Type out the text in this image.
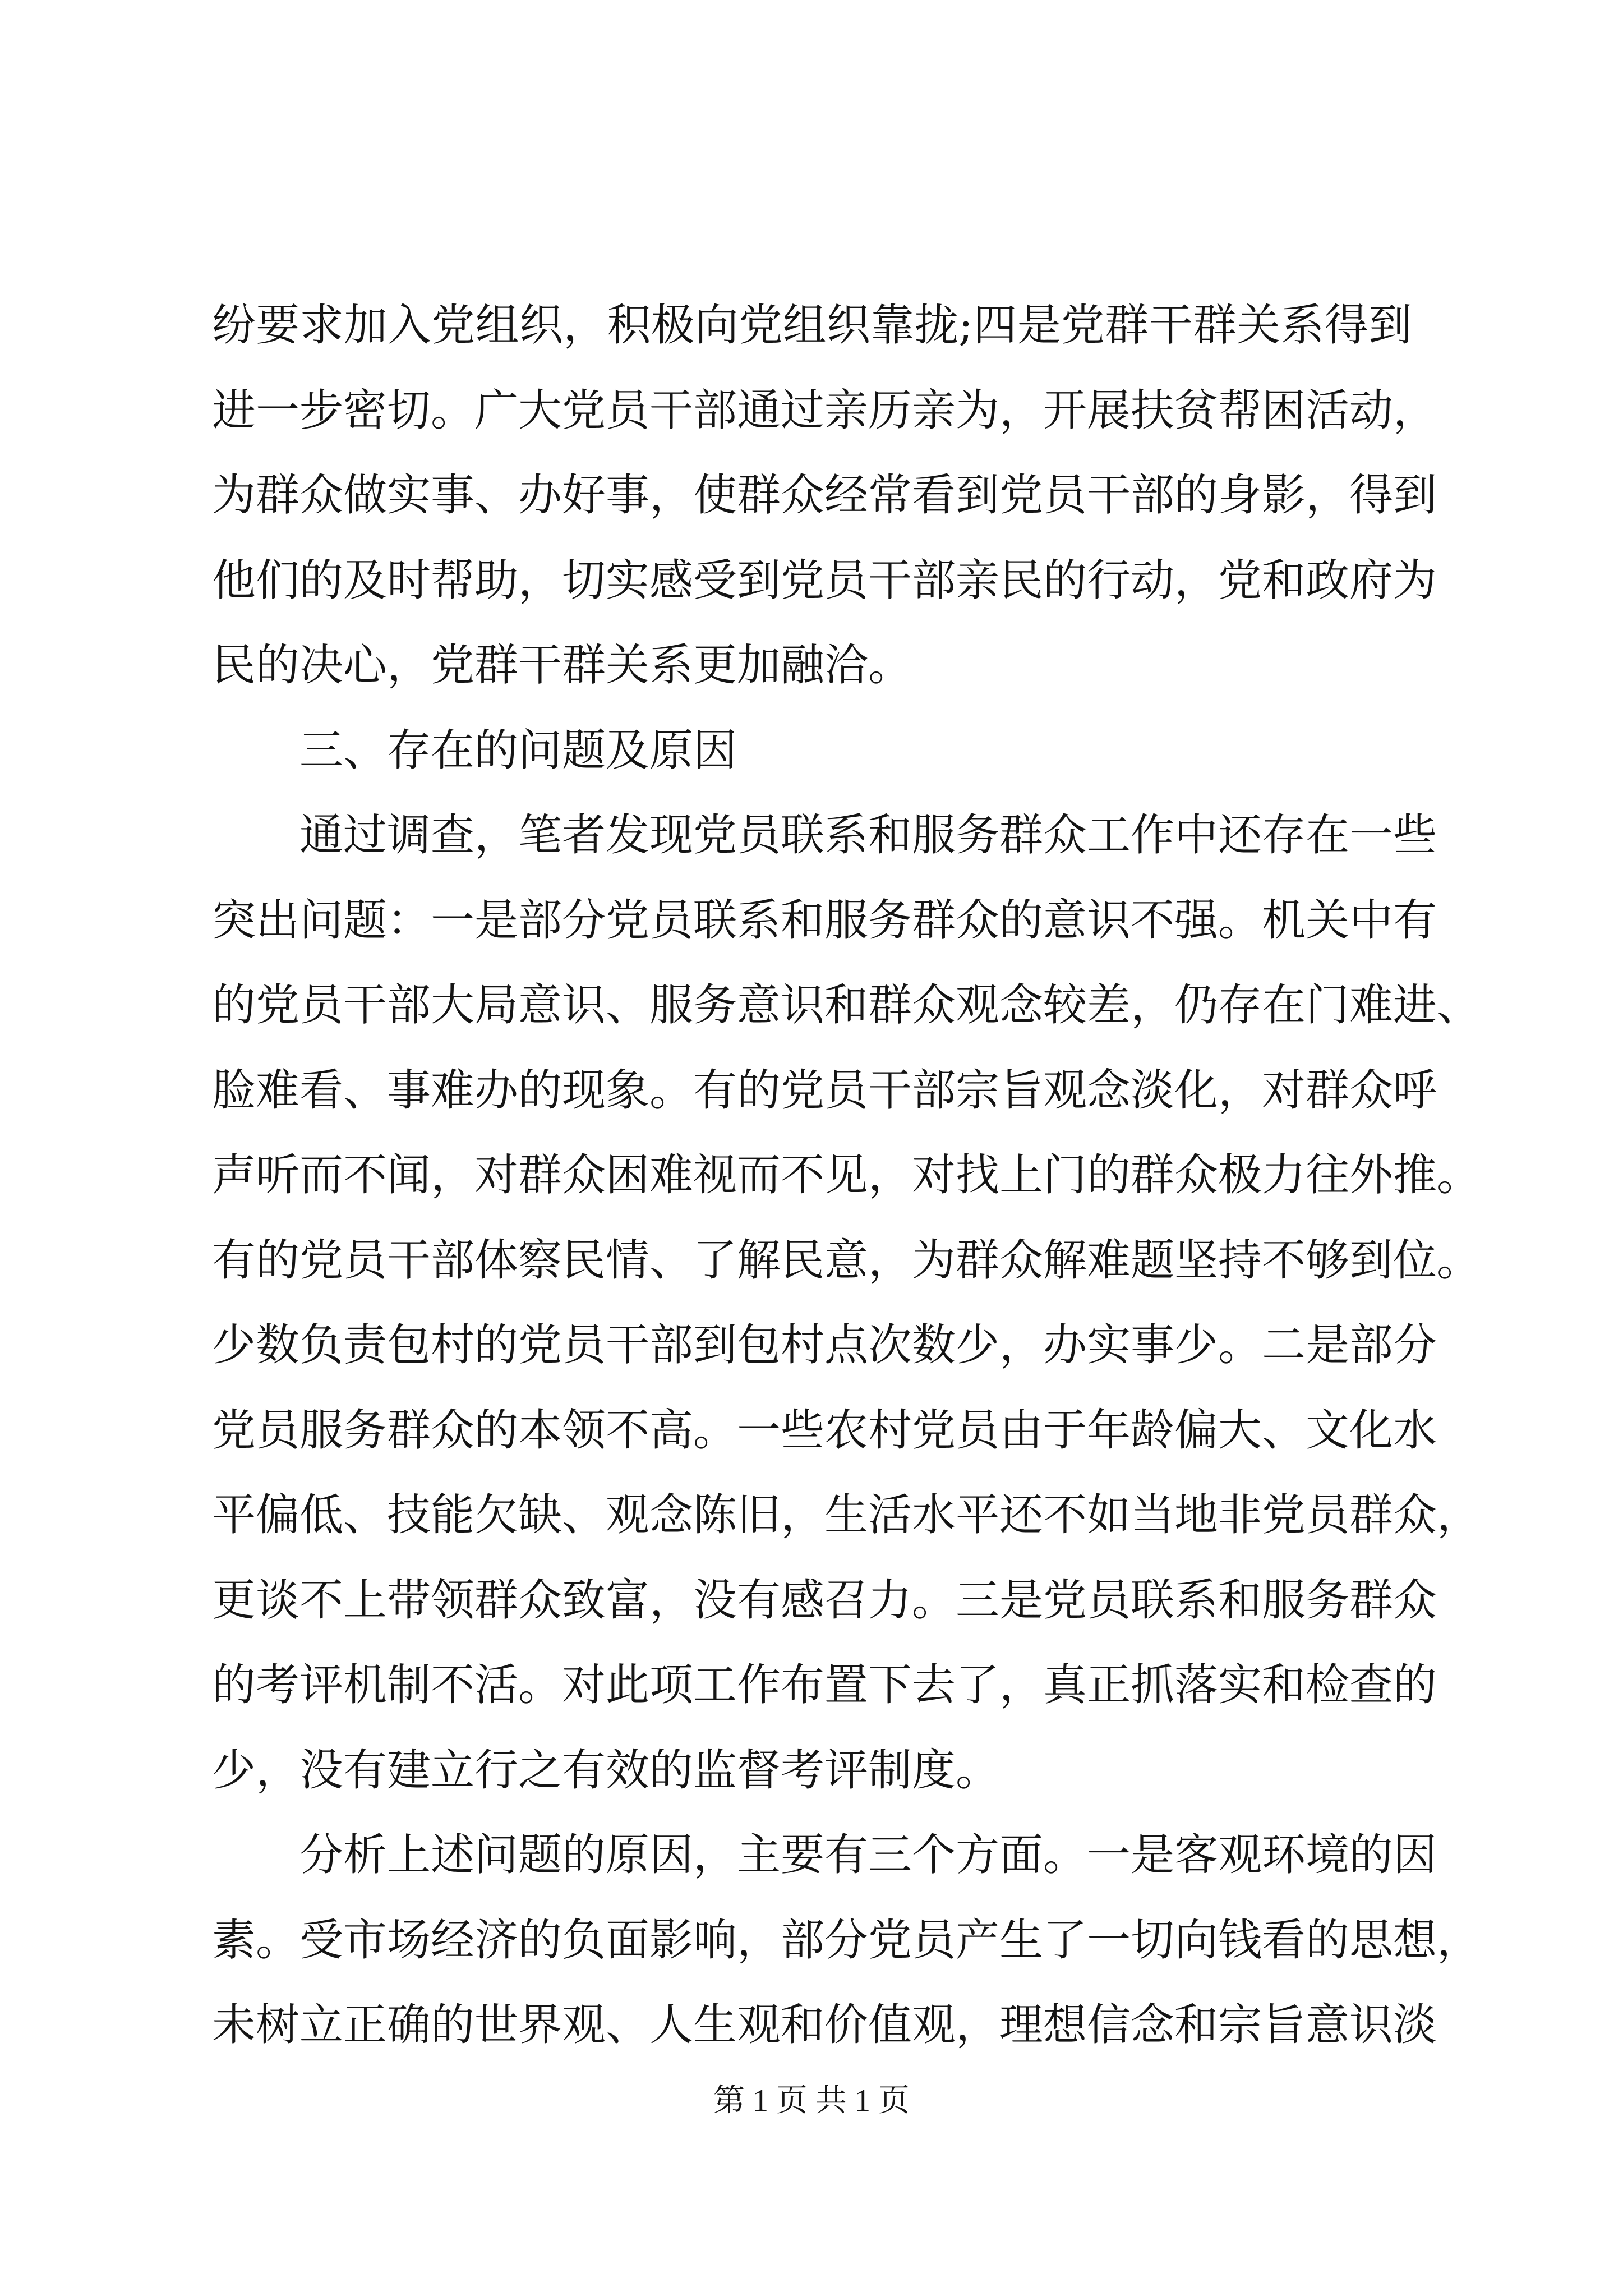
纷要求加入党组织，积极向党组织靠拢;四是党群干群关系得到

进一步密切。广大党员干部通过亲历亲为，开展扶贫帮困活动，

为群众做实事、办好事，使群众经常看到党员干部的身影，得到

他们的及时帮助，切实感受到党员干部亲民的行动，党和政府为

民的决心，党群干群关系更加融洽。

三、存在的问题及原因

通过调查，笔者发现党员联系和服务群众工作中还存在一些

突出问题：一是部分党员联系和服务群众的意识不强。机关中有

的党员干部大局意识、服务意识和群众观念较差，仍存在门难进、

脸难看、事难办的现象。有的党员干部宗旨观念淡化，对群众呼

声听而不闻，对群众困难视而不见，对找上门的群众极力往外推。

有的党员干部体察民情、了解民意，为群众解难题坚持不够到位。

少数负责包村的党员干部到包村点次数少，办实事少。二是部分

党员服务群众的本领不高。一些农村党员由于年龄偏大、文化水

平偏低、技能欠缺、观念陈旧，生活水平还不如当地非党员群众，

更谈不上带领群众致富，没有感召力。三是党员联系和服务群众

的考评机制不活。对此项工作布置下去了，真正抓落实和检查的

少，没有建立行之有效的监督考评制度。

分析上述问题的原因，主要有三个方面。一是客观环境的因

素。受市场经济的负面影响，部分党员产生了一切向钱看的思想，

未树立正确的世界观、人生观和价值观，理想信念和宗旨意识淡

第 1 页 共 1 页
